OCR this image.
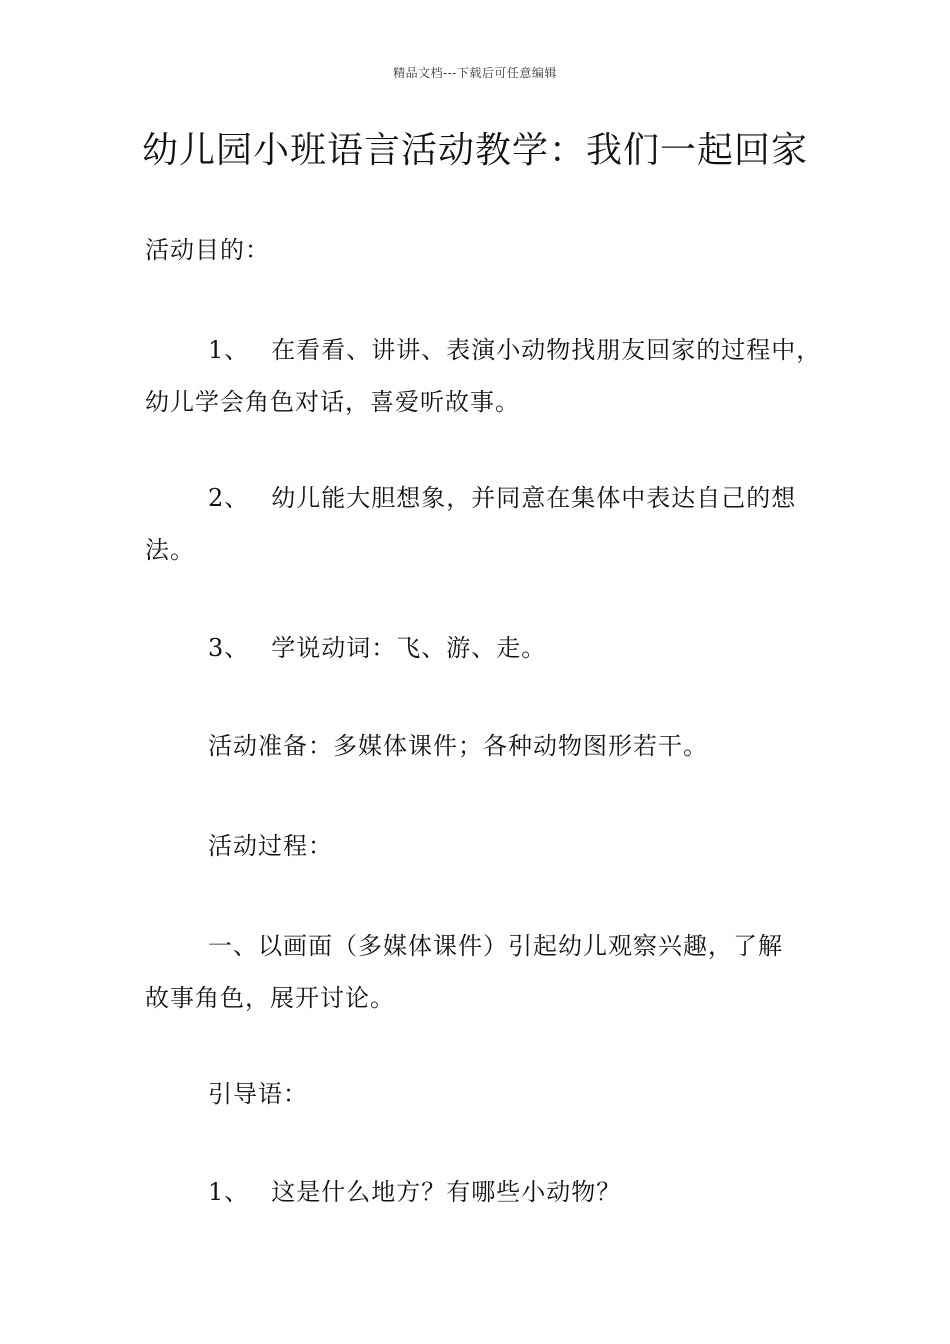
精品文档---下载后可任意编辑
幼儿园小班语言活动教学：我们一起回家
活动目的：
1、 在看看、讲讲、表演小动物找朋友回家的过程中，
幼儿学会角色对话，喜爱听故事。
2、 幼儿能大胆想象，并同意在集体中表达自己的想
法。
3、 学说动词：飞、游、走。
活动准备：多媒体课件；各种动物图形若干。
活动过程：
一、以画面（多媒体课件）引起幼儿观察兴趣，了解
故事角色，展开讨论。
引导语：
1、 这是什么地方？有哪些小动物？
